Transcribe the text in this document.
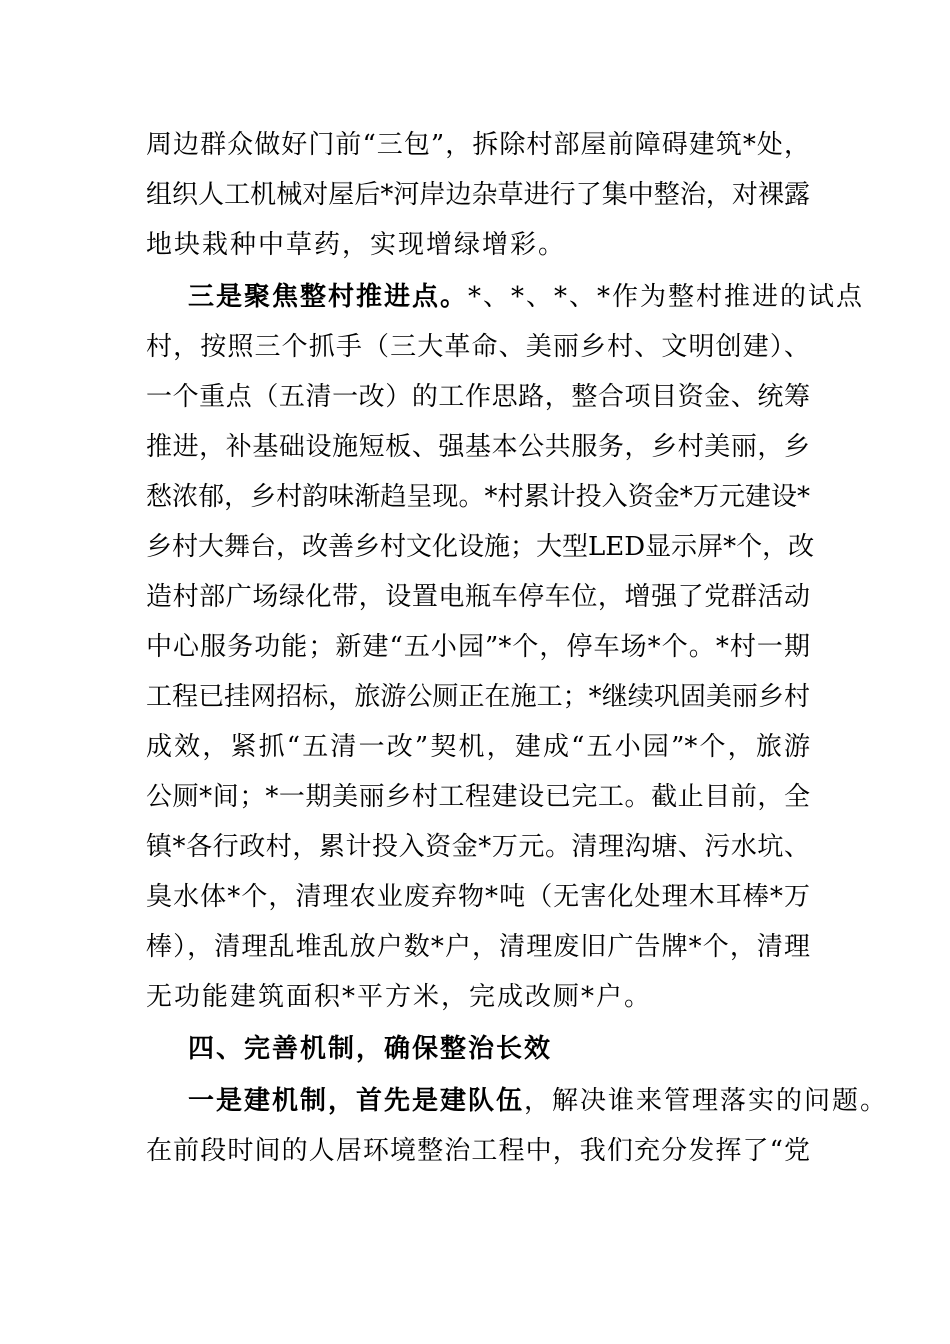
周边群众做好门前“三包”，拆除村部屋前障碍建筑*处，
组织人工机械对屋后*河岸边杂草进行了集中整治，对裸露
地块栽种中草药，实现增绿增彩。
三是聚焦整村推进点。*、*、*、*作为整村推进的试点
村，按照三个抓手（三大革命、美丽乡村、文明创建）、
一个重点（五清一改）的工作思路，整合项目资金、统筹
推进，补基础设施短板、强基本公共服务，乡村美丽，乡
愁浓郁，乡村韵味渐趋呈现。*村累计投入资金*万元建设*
乡村大舞台，改善乡村文化设施；大型LED显示屏*个，改
造村部广场绿化带，设置电瓶车停车位，增强了党群活动
中心服务功能；新建“五小园”*个，停车场*个。*村一期
工程已挂网招标，旅游公厕正在施工；*继续巩固美丽乡村
成效，紧抓“五清一改”契机，建成“五小园”*个，旅游
公厕*间；*一期美丽乡村工程建设已完工。截止目前，全
镇*各行政村，累计投入资金*万元。清理沟塘、污水坑、
臭水体*个，清理农业废弃物*吨（无害化处理木耳棒*万
棒），清理乱堆乱放户数*户，清理废旧广告牌*个，清理
无功能建筑面积*平方米，完成改厕*户。
四、完善机制，确保整治长效
一是建机制，首先是建队伍，解决谁来管理落实的问题。
在前段时间的人居环境整治工程中，我们充分发挥了“党
